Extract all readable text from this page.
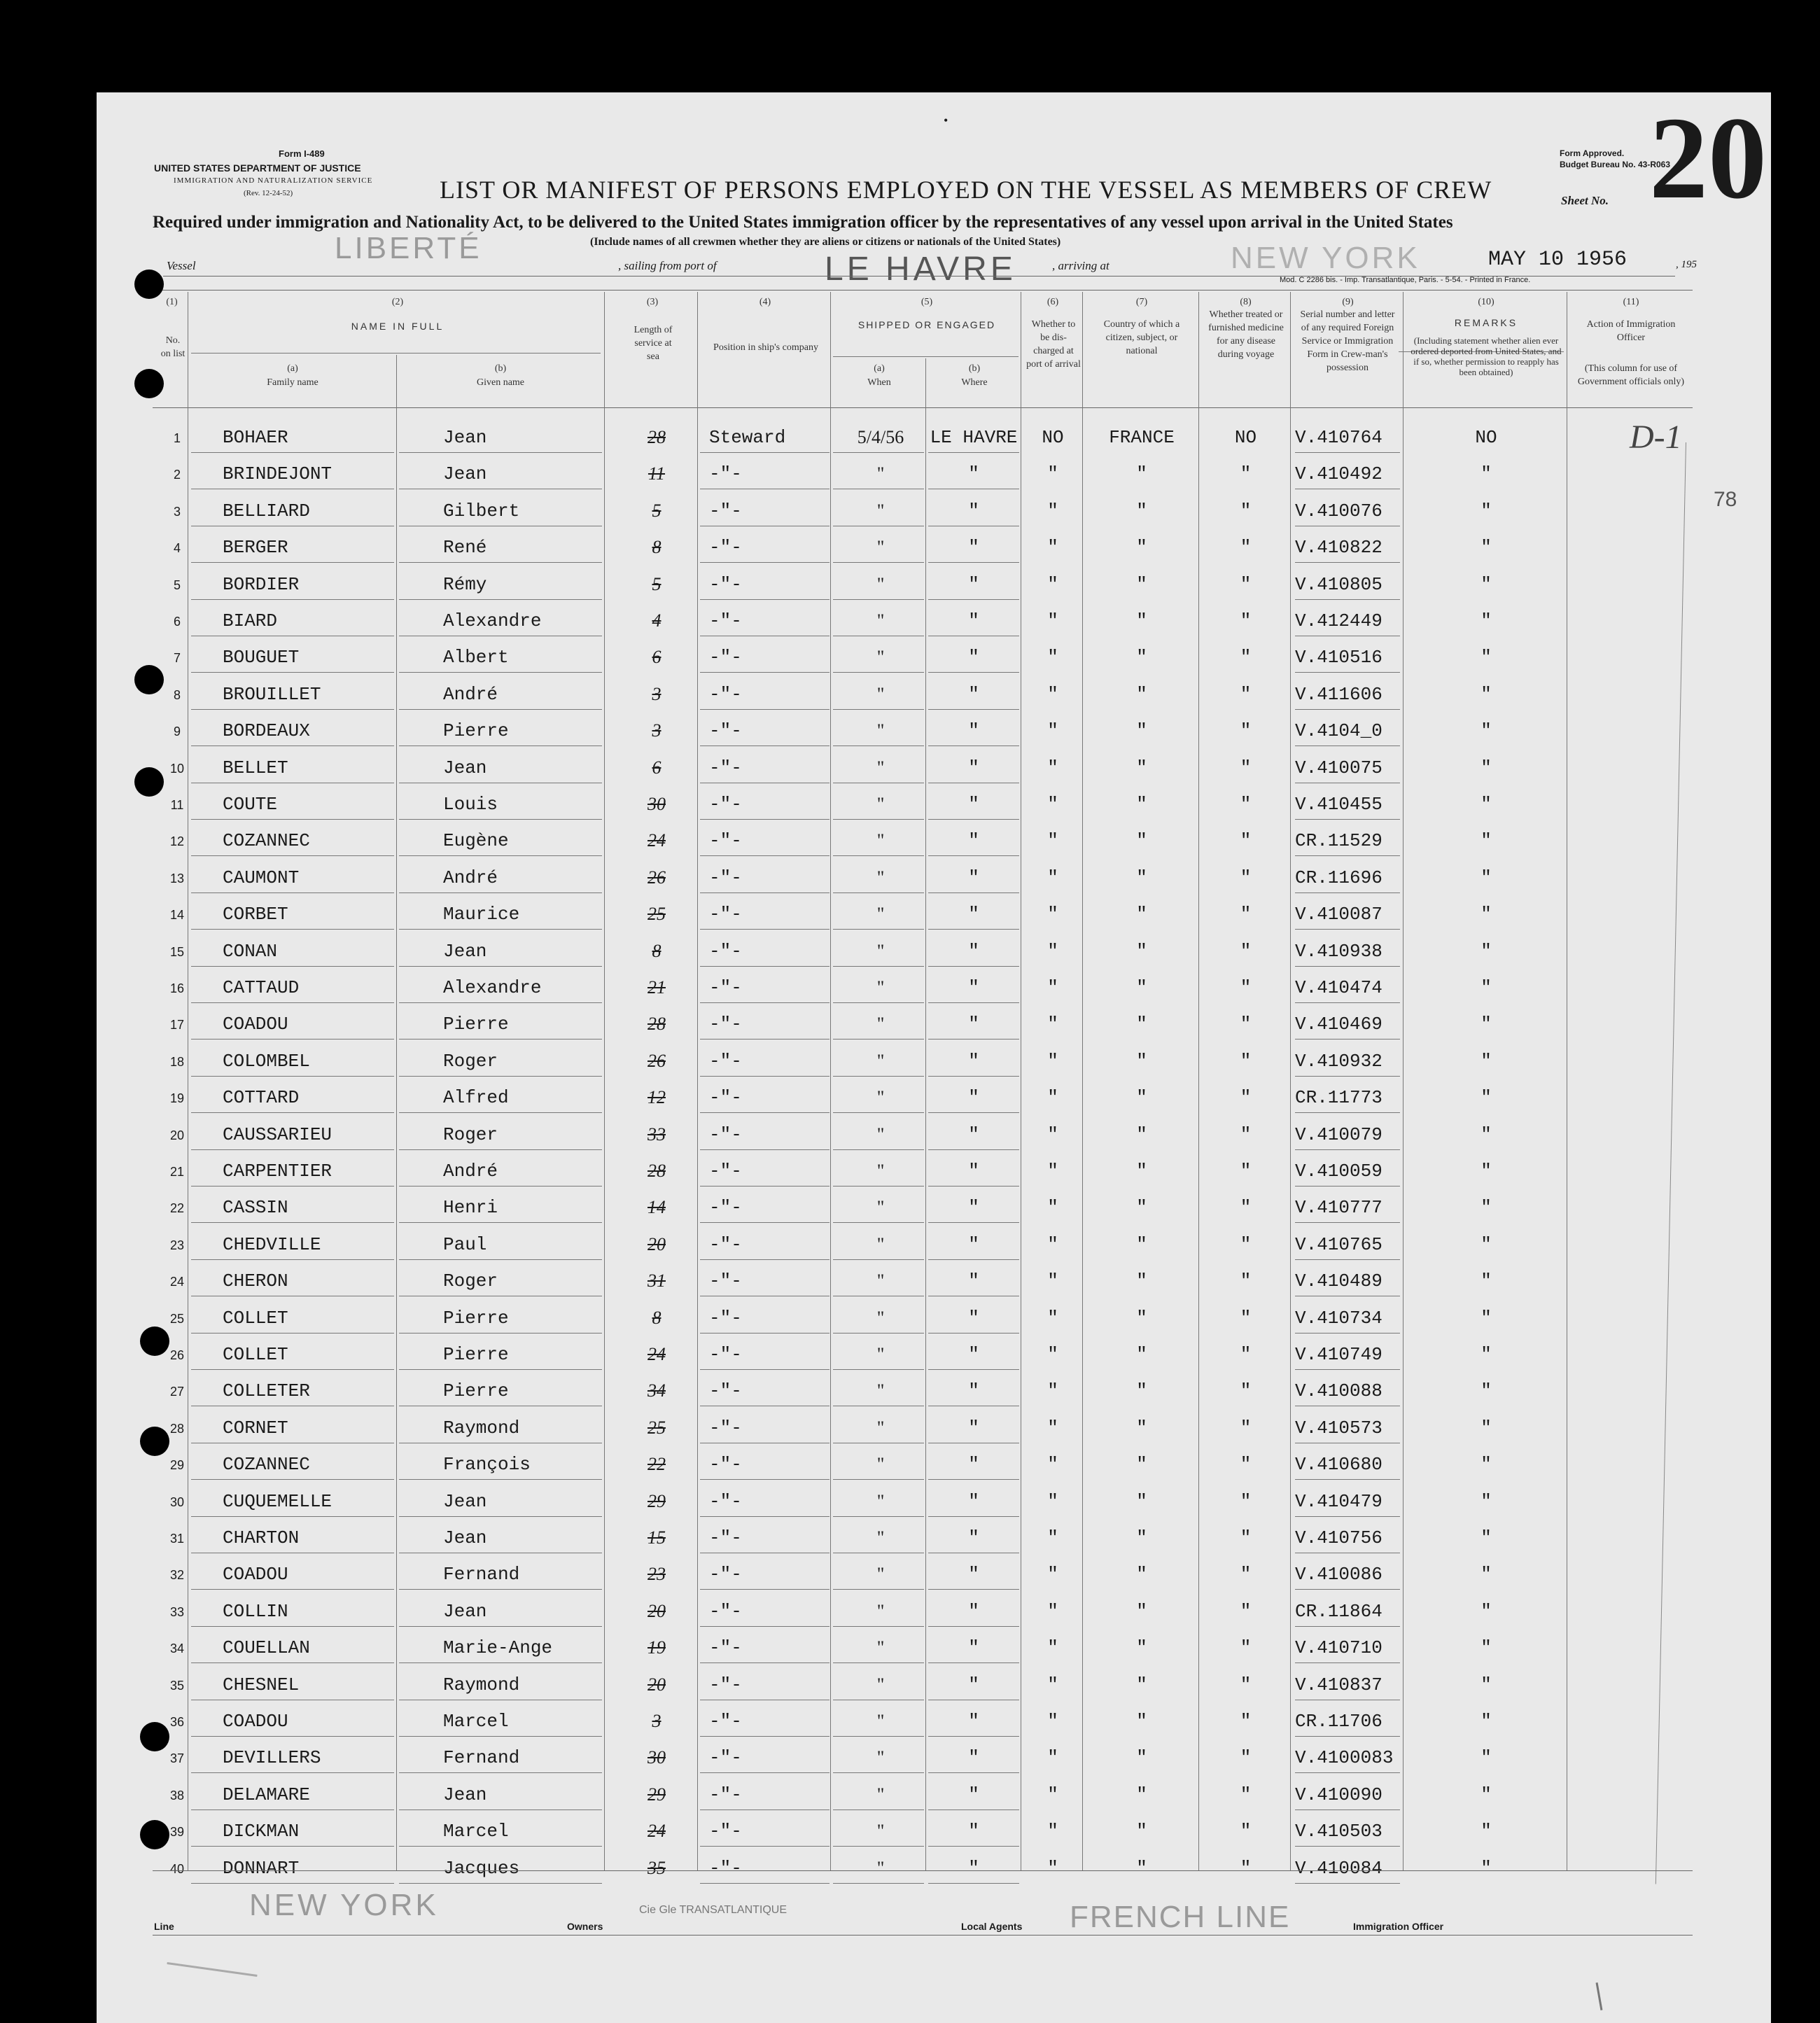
•
Form I-489
UNITED STATES DEPARTMENT OF JUSTICE
IMMIGRATION AND NATURALIZATION SERVICE
(Rev. 12-24-52)
Form Approved.
Budget Bureau No. 43-R063
LIST OR MANIFEST OF PERSONS EMPLOYED ON THE VESSEL AS MEMBERS OF CREW	Sheet No. 20
Required under immigration and Nationality Act, to be delivered to the United States immigration officer by the representatives of any vessel upon arrival in the United States
(Include names of all crewmen whether they are aliens or citizens or nationals of the United States)
Vessel
LIBERTÉ
, sailing from port of	LE HAVRE	, arriving at	NEW YORK	MAY 10 1956	, 195
Mod. C 2286 bis. - Imp. Transatlantique, Paris. - 5-54. - Printed in France.
(1)
No. on list
(2)
NAME IN FULL
(a)
Family name
(b)
Given name
(3)
Length of service at sea
(4)
Position in ship's company
(5)
SHIPPED OR ENGAGED
(a)
When
(b)
Where
(6)
Whether to be dis-charged at port of arrival
(7)
Country of which a citizen, subject, or national
(8)
Whether treated or furnished medicine for any disease during voyage
(9)
Serial number and letter of any required Foreign Service or Immigration Form in Crew-man's possession
(10)
REMARKS
(Including statement whether alien ever ordered deported from United States, and if so, whether permission to reapply has been obtained)
(11)
Action of Immigration Officer
(This column for use of Government officials only)
1	BOHAER	Jean	28	Steward	5/4/56	LE HAVRE	NO	FRANCE	NO	V.410764	NO
2	BRINDEJONT	Jean	11	-"-	"	"	"	"	"	V.410492	"
3	BELLIARD	Gilbert	5	-"-	"	"	"	"	"	V.410076	"
4	BERGER	René	8	-"-	"	"	"	"	"	V.410822	"
5	BORDIER	Rémy	5	-"-	"	"	"	"	"	V.410805	"
6	BIARD	Alexandre	4	-"-	"	"	"	"	"	V.412449	"
7	BOUGUET	Albert	6	-"-	"	"	"	"	"	V.410516	"
8	BROUILLET	André	3	-"-	"	"	"	"	"	V.411606	"
9	BORDEAUX	Pierre	3	-"-	"	"	"	"	"	V.4104_0	"
10	BELLET	Jean	6	-"-	"	"	"	"	"	V.410075	"
11	COUTE	Louis	30	-"-	"	"	"	"	"	V.410455	"
12	COZANNEC	Eugène	24	-"-	"	"	"	"	"	CR.11529	"
13	CAUMONT	André	26	-"-	"	"	"	"	"	CR.11696	"
14	CORBET	Maurice	25	-"-	"	"	"	"	"	V.410087	"
15	CONAN	Jean	8	-"-	"	"	"	"	"	V.410938	"
16	CATTAUD	Alexandre	21	-"-	"	"	"	"	"	V.410474	"
17	COADOU	Pierre	28	-"-	"	"	"	"	"	V.410469	"
18	COLOMBEL	Roger	26	-"-	"	"	"	"	"	V.410932	"
19	COTTARD	Alfred	12	-"-	"	"	"	"	"	CR.11773	"
20	CAUSSARIEU	Roger	33	-"-	"	"	"	"	"	V.410079	"
21	CARPENTIER	André	28	-"-	"	"	"	"	"	V.410059	"
22	CASSIN	Henri	14	-"-	"	"	"	"	"	V.410777	"
23	CHEDVILLE	Paul	20	-"-	"	"	"	"	"	V.410765	"
24	CHERON	Roger	31	-"-	"	"	"	"	"	V.410489	"
25	COLLET	Pierre	8	-"-	"	"	"	"	"	V.410734	"
26	COLLET	Pierre	24	-"-	"	"	"	"	"	V.410749	"
27	COLLETER	Pierre	34	-"-	"	"	"	"	"	V.410088	"
28	CORNET	Raymond	25	-"-	"	"	"	"	"	V.410573	"
29	COZANNEC	François	22	-"-	"	"	"	"	"	V.410680	"
30	CUQUEMELLE	Jean	29	-"-	"	"	"	"	"	V.410479	"
31	CHARTON	Jean	15	-"-	"	"	"	"	"	V.410756	"
32	COADOU	Fernand	23	-"-	"	"	"	"	"	V.410086	"
33	COLLIN	Jean	20	-"-	"	"	"	"	"	CR.11864	"
34	COUELLAN	Marie-Ange	19	-"-	"	"	"	"	"	V.410710	"
35	CHESNEL	Raymond	20	-"-	"	"	"	"	"	V.410837	"
36	COADOU	Marcel	3	-"-	"	"	"	"	"	CR.11706	"
37	DEVILLERS	Fernand	30	-"-	"	"	"	"	"	V.4100083	"
38	DELAMARE	Jean	29	-"-	"	"	"	"	"	V.410090	"
39	DICKMAN	Marcel	24	-"-	"	"	"	"	"	V.410503	"
40	DONNART	Jacques	35	-"-	"	"	"	"	"	V.410084	"
D-1
78
Line
NEW YORK
Owners
Cie Gle TRANSATLANTIQUE
Local Agents FRENCH LINE	Immigration Officer
